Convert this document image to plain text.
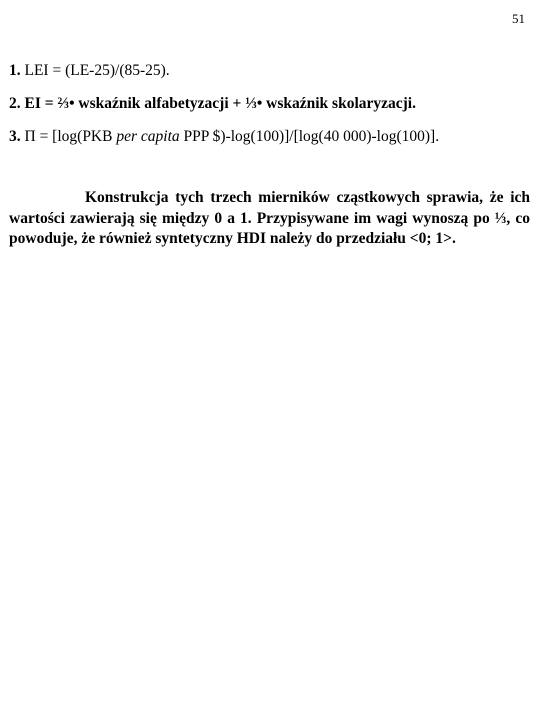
51
1. LEI = (LE-25)/(85-25).
2. EI = ⅔• wskaźnik alfabetyzacji + ⅓• wskaźnik skolaryzacji.
3. Π = [log(PKB per capita PPP $)-log(100)]/[log(40 000)-log(100)].

Konstrukcja tych trzech mierników cząstkowych sprawia, że ich wartości zawierają się między 0 a 1. Przypisywane im wagi wynoszą po ⅓, co powoduje, że również syntetyczny HDI należy do przedziału <0; 1>.
